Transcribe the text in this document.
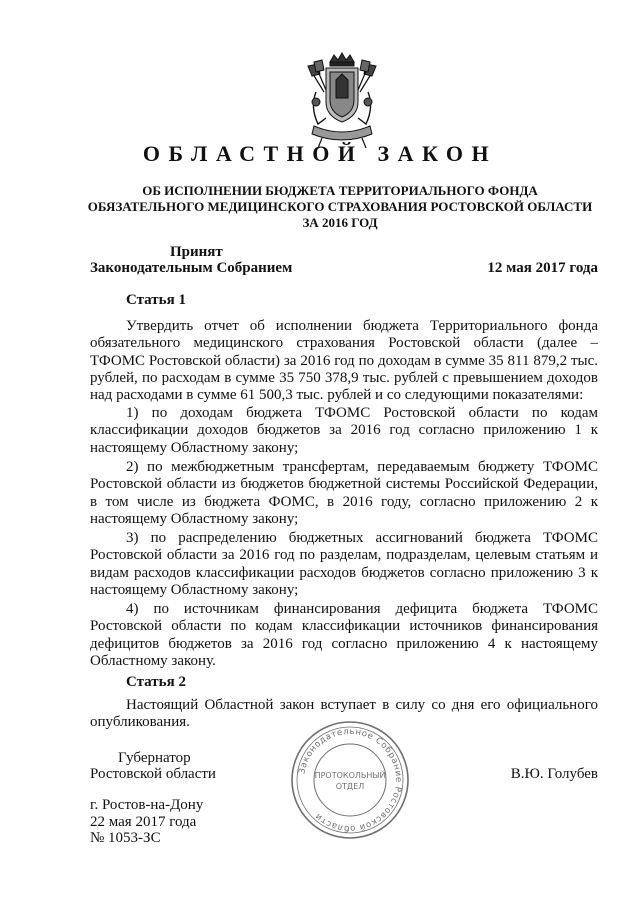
ОБЛАСТНОЙ ЗАКОН
ОБ ИСПОЛНЕНИИ БЮДЖЕТА ТЕРРИТОРИАЛЬНОГО ФОНДА
ОБЯЗАТЕЛЬНОГО МЕДИЦИНСКОГО СТРАХОВАНИЯ РОСТОВСКОЙ ОБЛАСТИ
ЗА 2016 ГОД
Принят
Законодательным Собранием	12 мая 2017 года
Статья 1
Утвердить отчет об исполнении бюджета Территориального фонда обязательного медицинского страхования Ростовской области (далее – ТФОМС Ростовской области) за 2016 год по доходам в сумме 35 811 879,2 тыс. рублей, по расходам в сумме 35 750 378,9 тыс. рублей с превышением доходов над расходами в сумме 61 500,3 тыс. рублей и со следующими показателями:
1) по доходам бюджета ТФОМС Ростовской области по кодам классификации доходов бюджетов за 2016 год согласно приложению 1 к настоящему Областному закону;
2) по межбюджетным трансфертам, передаваемым бюджету ТФОМС Ростовской области из бюджетов бюджетной системы Российской Федерации, в том числе из бюджета ФОМС, в 2016 году, согласно приложению 2 к настоящему Областному закону;
3) по распределению бюджетных ассигнований бюджета ТФОМС Ростовской области за 2016 год по разделам, подразделам, целевым статьям и видам расходов классификации расходов бюджетов согласно приложению 3 к настоящему Областному закону;
4) по источникам финансирования дефицита бюджета ТФОМС Ростовской области по кодам классификации источников финансирования дефицитов бюджетов за 2016 год согласно приложению 4 к настоящему Областному закону.
Статья 2
Настоящий Областной закон вступает в силу со дня его официального опубликования.
Губернатор
Ростовской области	В.Ю. Голубев
г. Ростов-на-Дону
22 мая 2017 года
№ 1053-ЗС
Законодательное Собрание Ростовской области
ПРОТОКОЛЬНЫЙ
ОТДЕЛ
